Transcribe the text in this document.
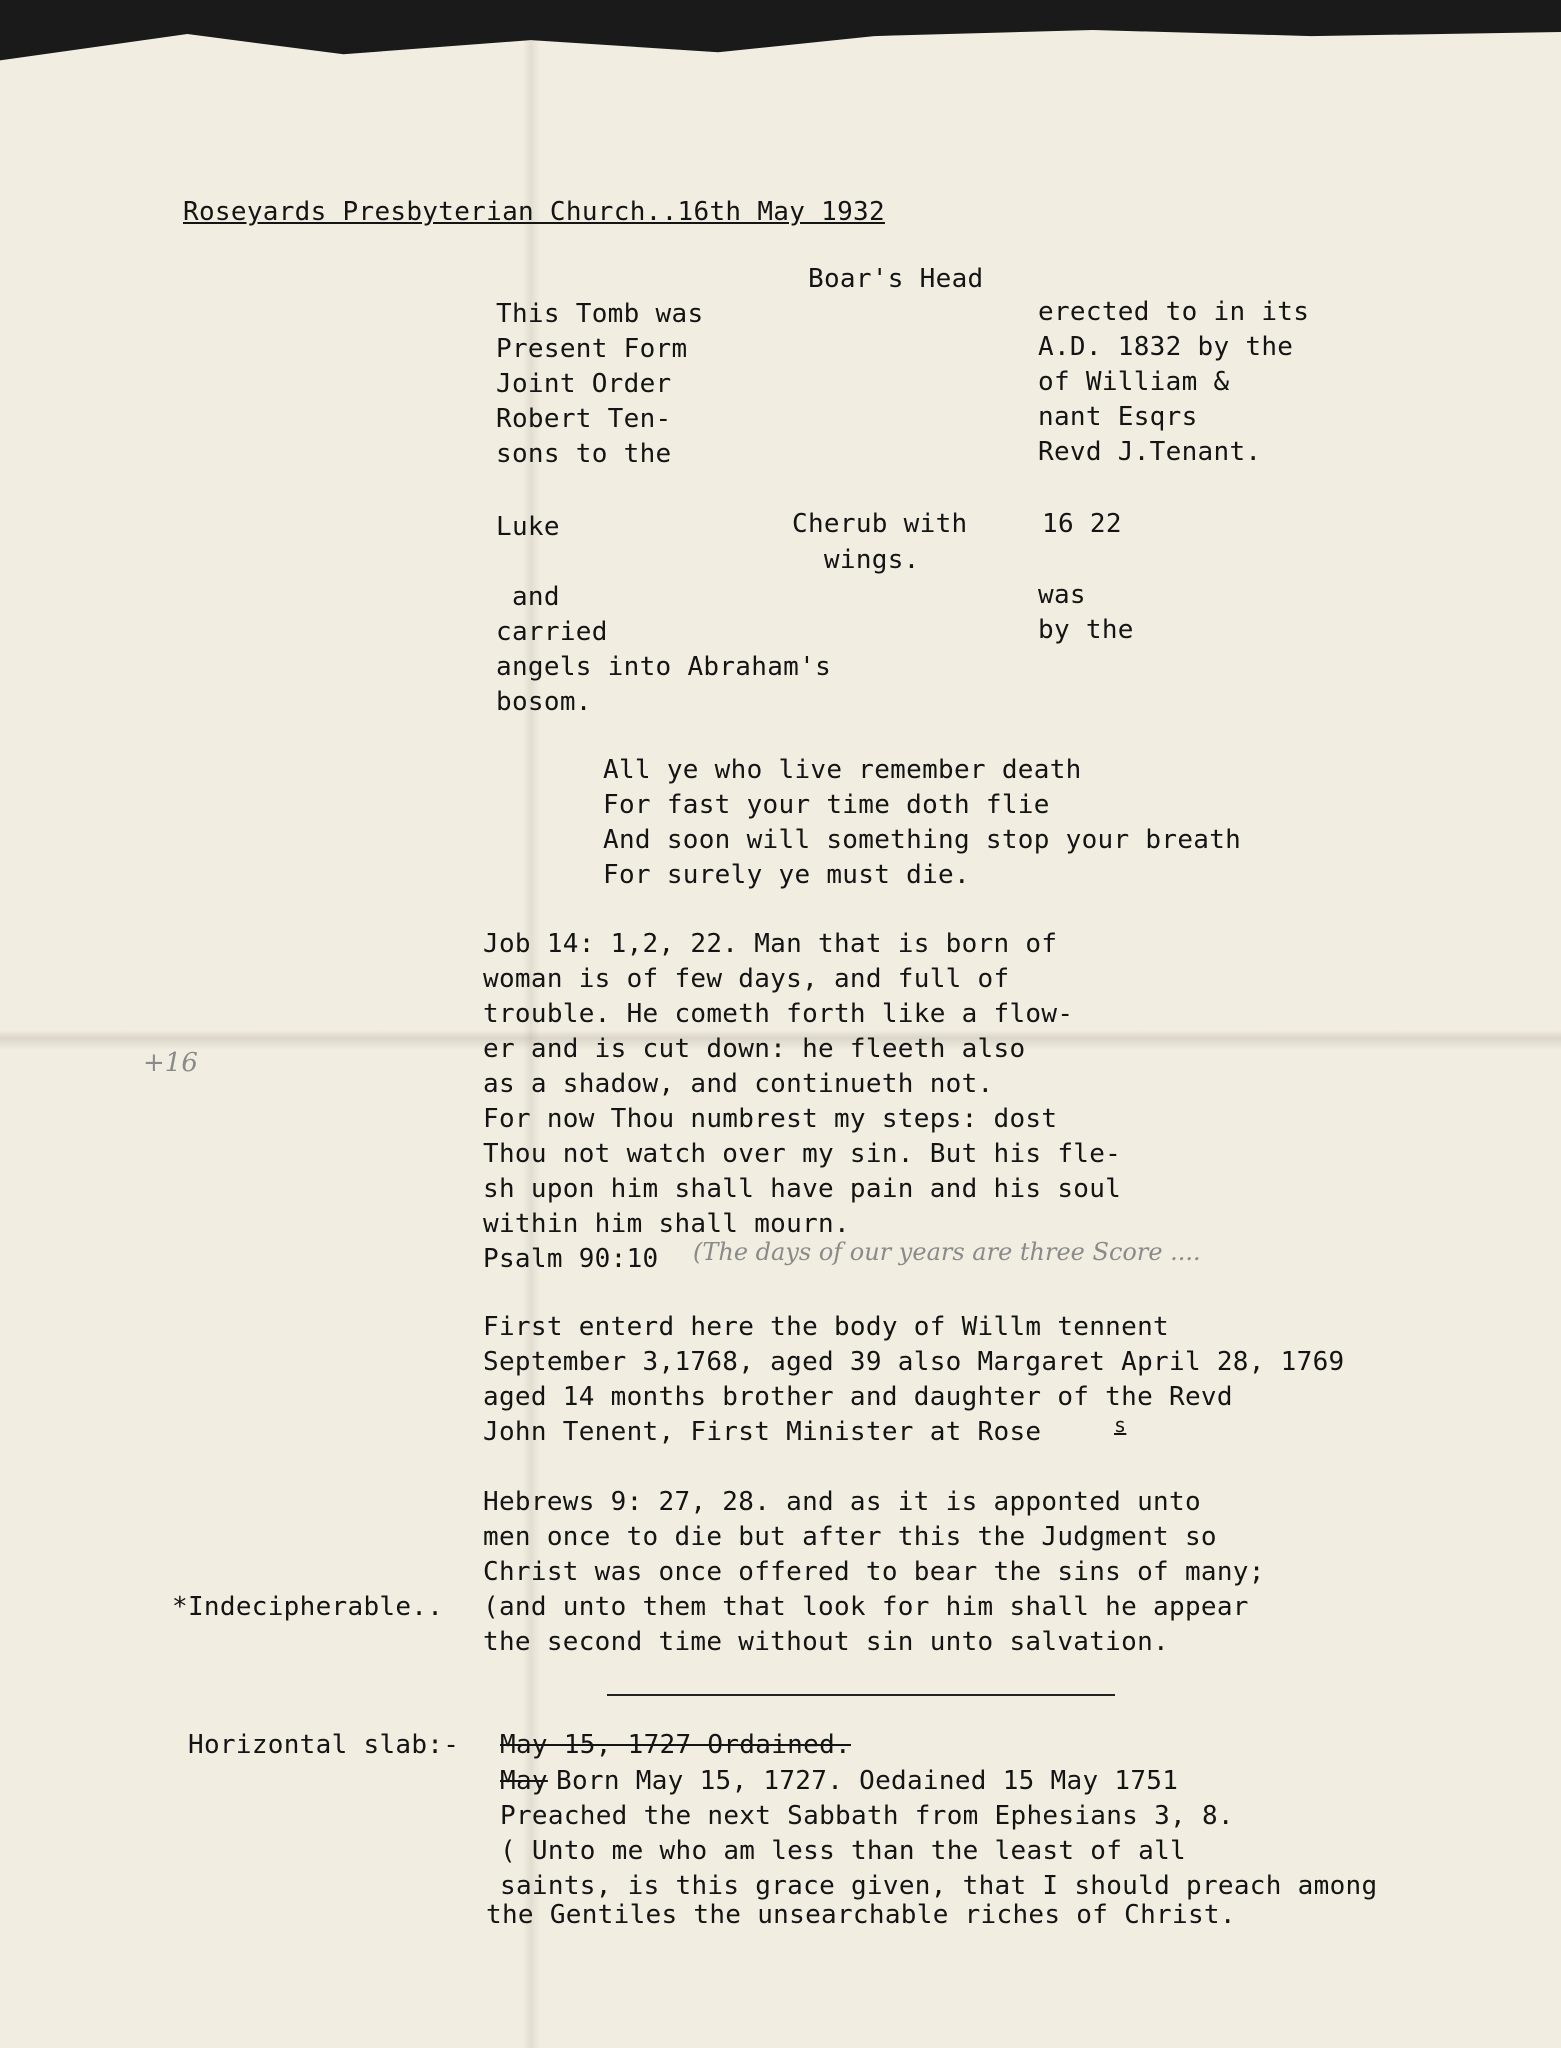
Roseyards Presbyterian Church..16th May 1932
Boar's Head
This Tomb was
Present Form
Joint Order
Robert Ten-
sons to the
erected to in its
A.D. 1832 by the
of William &
nant Esqrs
Revd J.Tenant.
Luke
and
carried
angels into Abraham's
bosom.
Cherub with
wings.
16 22
was
by the
All ye who live remember death
For fast your time doth flie
And soon will something stop your breath
For surely ye must die.
Job 14: 1,2, 22. Man that is born of
woman is of few days, and full of
trouble. He cometh forth like a flow-
er and is cut down: he fleeth also
as a shadow, and continueth not.
For now Thou numbrest my steps: dost
Thou not watch over my sin. But his fle-
sh upon him shall have pain and his soul
within him shall mourn.
Psalm 90:10	(The days of our years are three Score ....
+16
First enterd here the body of Willm tennent
September 3,1768, aged 39 also Margaret April 28, 1769
aged 14 months brother and daughter of the Revd
John Tenent, First Minister at Rose	s
Hebrews 9: 27, 28. and as it is apponted unto
men once to die but after this the Judgment so
Christ was once offered to bear the sins of many;
(and unto them that look for him shall he appear
the second time without sin unto salvation.
*Indecipherable..
Horizontal slab:- May 15, 1727 Ordained.
May Born May 15, 1727. Oedained 15 May 1751
Preached the next Sabbath from Ephesians 3, 8.
( Unto me who am less than the least of all
saints, is this grace given, that I should preach among
the Gentiles the unsearchable riches of Christ.
